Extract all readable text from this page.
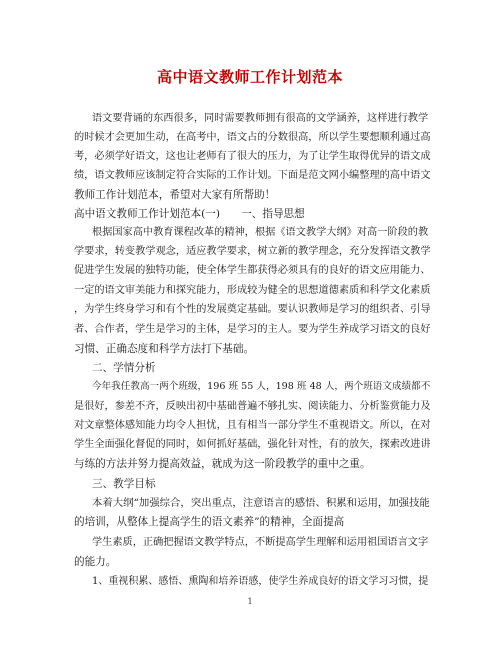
高中语文教师工作计划范本
语文要背诵的东西很多，同时需要教师拥有很高的文学涵养，这样进行教学
的时候才会更加生动，在高考中，语文占的分数很高，所以学生要想顺利通过高
考，必须学好语文，这也让老师有了很大的压力，为了让学生取得优异的语文成
绩，语文教师应该制定符合实际的工作计划。下面是范文网小编整理的高中语文
教师工作计划范本，希望对大家有所帮助！
高中语文教师工作计划范本(一)　　一、指导思想
根据国家高中教育课程改革的精神，根据《语文教学大纲》对高一阶段的教
学要求，转变教学观念，适应教学要求，树立新的教学理念，充分发挥语文教学
促进学生发展的独特功能，使全体学生都获得必须具有的良好的语文应用能力、
一定的语文审美能力和探究能力，形成较为健全的思想道德素质和科学文化素质
，为学生终身学习和有个性的发展奠定基础。要认识教师是学习的组织者、引导
者、合作者，学生是学习的主体，是学习的主人。要为学生养成学习语文的良好
习惯、正确态度和科学方法打下基础。
二、学情分析
今年我任教高一两个班级，196 班 55 人，198 班 48 人，两个班语文成绩都不
是很好，参差不齐，反映出初中基础普遍不够扎实、阅读能力、分析鉴赏能力及
对文章整体感知能力均令人担忧，且有相当一部分学生不重视语文。所以，在对
学生全面强化督促的同时，如何抓好基础，强化针对性，有的放矢，探索改进讲
与练的方法并努力提高效益，就成为这一阶段教学的重中之重。
三、教学目标
本着大纲“加强综合，突出重点，注意语言的感悟、积累和运用，加强技能
的培训，从整体上提高学生的语文素养”的精神，全面提高
学生素质，正确把握语文教学特点，不断提高学生理解和运用祖国语言文字
的能力。
1、重视积累、感悟、熏陶和培养语感，使学生养成良好的语文学习习惯，提
1
